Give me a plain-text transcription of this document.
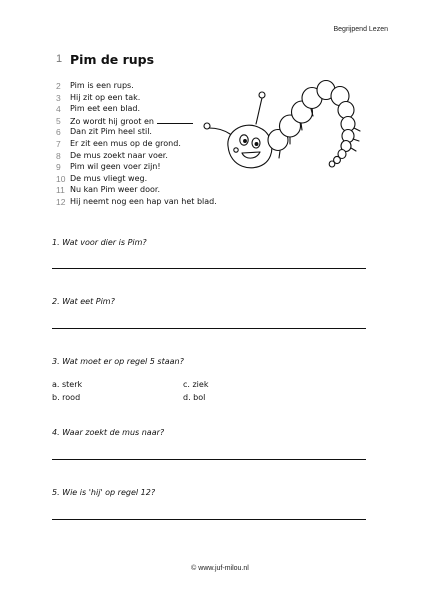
Begrijpend Lezen
1 Pim de rups
2	Pim is een rups.
3	Hij zit op een tak.
4	Pim eet een blad.
5	Zo wordt hij groot en
6	Dan zit Pim heel stil.
7	Er zit een mus op de grond.
8	De mus zoekt naar voer.
9	Pim wil geen voer zijn!
10 De mus vliegt weg.
11 Nu kan Pim weer door.
12 Hij neemt nog een hap van het blad.
1. Wat voor dier is Pim?
2. Wat eet Pim?
3. Wat moet er op regel 5 staan?
a. sterk	c. ziek
b. rood	d. bol
4. Waar zoekt de mus naar?
5. Wie is 'hij' op regel 12?
© www.juf-milou.nl
